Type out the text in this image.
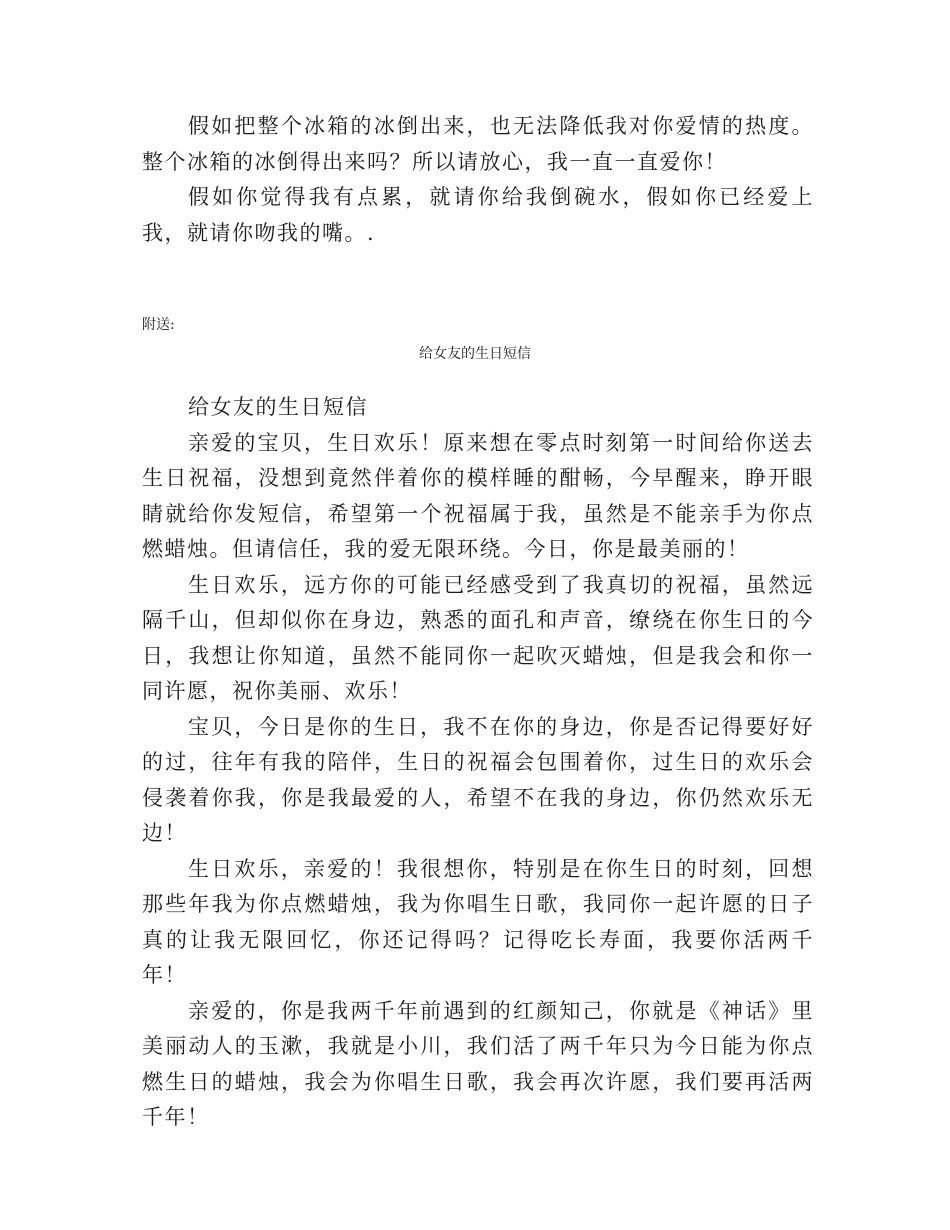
假如把整个冰箱的冰倒出来，也无法降低我对你爱情的热度。整个冰箱的冰倒得出来吗？所以请放心，我一直一直爱你！

假如你觉得我有点累，就请你给我倒碗水，假如你已经爱上我，就请你吻我的嘴。.

附送:
给女友的生日短信

给女友的生日短信

亲爱的宝贝，生日欢乐！原来想在零点时刻第一时间给你送去生日祝福，没想到竟然伴着你的模样睡的酣畅，今早醒来，睁开眼睛就给你发短信，希望第一个祝福属于我，虽然是不能亲手为你点燃蜡烛。但请信任，我的爱无限环绕。今日，你是最美丽的！

生日欢乐，远方你的可能已经感受到了我真切的祝福，虽然远隔千山，但却似你在身边，熟悉的面孔和声音，缭绕在你生日的今日，我想让你知道，虽然不能同你一起吹灭蜡烛，但是我会和你一同许愿，祝你美丽、欢乐！

宝贝，今日是你的生日，我不在你的身边，你是否记得要好好的过，往年有我的陪伴，生日的祝福会包围着你，过生日的欢乐会侵袭着你我，你是我最爱的人，希望不在我的身边，你仍然欢乐无边！

生日欢乐，亲爱的！我很想你，特别是在你生日的时刻，回想那些年我为你点燃蜡烛，我为你唱生日歌，我同你一起许愿的日子真的让我无限回忆，你还记得吗？记得吃长寿面，我要你活两千年！

亲爱的，你是我两千年前遇到的红颜知己，你就是《神话》里美丽动人的玉漱，我就是小川，我们活了两千年只为今日能为你点燃生日的蜡烛，我会为你唱生日歌，我会再次许愿，我们要再活两千年！
